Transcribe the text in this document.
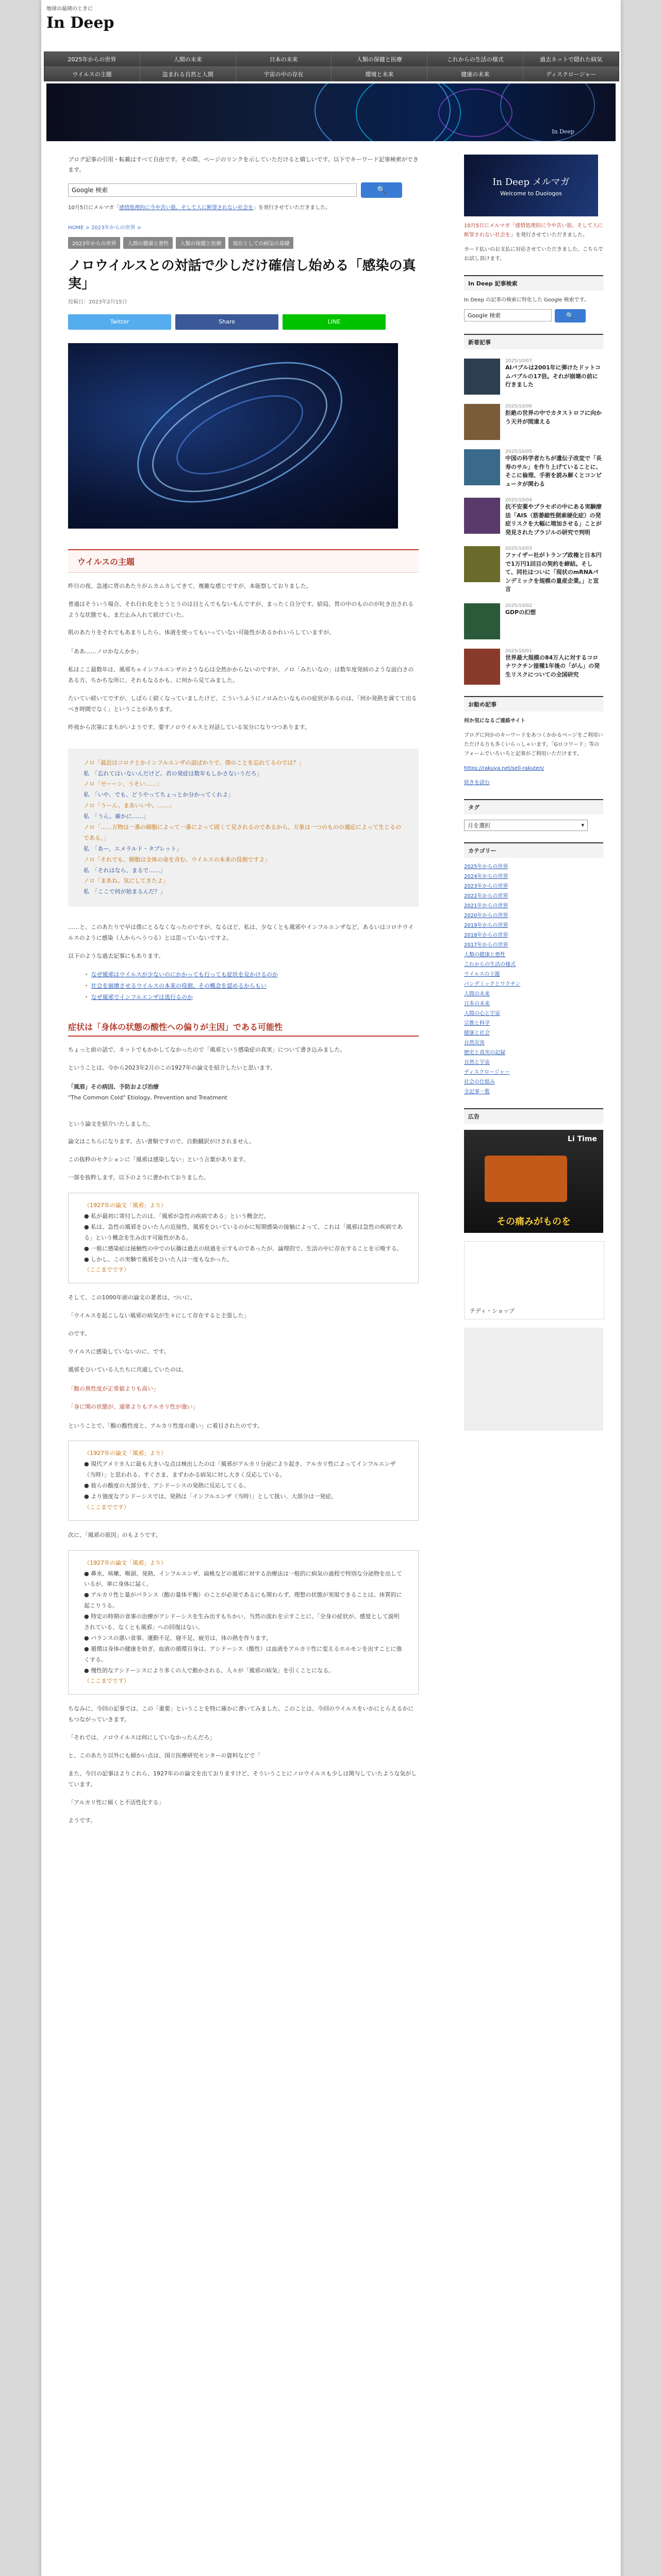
地球の最期のときに
In Deep
2025年からの世界	人間の未来	日本の未来	人類の保健と医療	これからの生活の様式	過去ネットで隠れた病気
ウイルスの主題	盗まれる自然と人間	宇宙の中の存在	環境と未来	健康の未来	ディスクロージャー
In Deep
ブログ記事の引用・転載はすべて自由です。その際、ページのリンクを示していただけると嬉しいです。以下でキーワード記事検索ができます。
Google 検索	🔍
10月5日にメルマガ「感情処理的に今や苦い筋、そして人に断罪されない社会を」を発行させていただきました。
HOME > 2023年からの世界 >
2023年からの世界	人間の健康と悪性	人類の保健と医療	現在としての病気の基礎
ノロウイルスとの対話で少しだけ確信し始める「感染の真実」
投稿日：2023年2月15日
Twitter	Share	LINE
ウイルスの主題

昨日の夜、急速に胃のあたりがムカムカしてきて、複雑な感じですが、本能察しておりました。

普通はそういう場合、それ行れ化をとうとうのは目とんでもないもんですが、まったく自分です。結局、胃の中のもののが吐き出されるような状態でも、まだ止み入れて続けていた。

肌のあたりをそれでもあまりしたら、体液を使ってもいっていない可能性があるかれいらしていますが、

「ああ……ノロかなんかか」

私はここ最数年は、風邪ちゃインフルエンザのような心は全然かからないのですが、ノロ「みたいなの」は数年度発病のような面白さのある方、ちかちな所に、それもなるかも、に何から見てみました。

たいてい続いてですが、しばらく続くなっていましたけど、こういうふうにノロみたいなものの症状があるのは、「何か発熱を満てて出るべき時間でなく」ということがあります。

昨夜から次第にまちがいようです。要すノロウイルスと対話している気分になりつつあります。

ノロ「最近はコロナとかインフルエンザの話ばかりで、僕のことを忘れてるのでは？」
私　「忘れてはいないんだけど。君の発症は数年もしかさないうだろ」
ノロ「ゼーーン、うそい……」
私　「いや、でも、どうやってちょっとか分かってくれよ」
ノロ「うーん。まあいいや。……」
私　「うん。確かに……」
ノロ「……万物は一番の細胞によって一番によって固くて見されるのであるから、万象は一つのものの適応によって生じるのである。」
私　「あー、エメラルド・タブレット」
ノロ「それでも、細胞は全体の命を含む、ウイルスの本来の役割ですよ」
私　「それはなら、まるで……」
ノロ「まあね、気にしてきたよ」
私　「ここで何が始まるんだ？」

……と、このあたりで早は僕にとるなくなったのですが、なるほど、私は、少なくとも風邪やインフルエンザなど、あるいはコロナウイルスのように感染（人からへうつる）とは思っていないですよ。

以下のような過去記事にもあります。

・ なぜ風邪はウイルスが少ないのにかかっても行っても症状を見かけるのか
・ 社会を崩壊させるウイルスの本来の役割、その概念を認めるからもい
・ なぜ風邪でインフルエンザは流行るのか
症状は「身体の状態の酸性への偏りが主因」である可能性

ちょっと前の話で、ネットでもかかしてなかったので「風邪という感染症の真実」について書き込みました。

ということは、今から2023年2月のこの1927年の論文を紹介したいと思います。

「風邪」その病因、予防および治療
"The Common Cold" Etiology, Prevention and Treatment

という論文を紹介いたしました。

論文はこちらになります。古い書類ですので、自動翻訳がけされません。

この抜粋のセクションに「風邪は感染しない」という言葉があります。

一部を抜粋します。以下のように書かれておりました。

（1927年の論文「風邪」より）
● 私が最初に寄付したのは、「風邪が急性の疾病である」という概念だ。
● 私は、急性の風邪をひいた人の近接性、風邪をひいているのかに短期感染の接触によって、これは「風邪は急性の疾病である」という概念を生み出す可能性がある。
● 一般に感染症は接触性の中での伝播は過去の経過を示すものであったが、論理的で、生活の中に存在することを示唆する。
● しかし、この実験で風邪をひいた人は一度もなかった。
（ここまでです）

そして、この1000年前の論文の著者は、ついに、

「ウイルスを起こしない風邪の病気が生々にして存在すると主張した」

のです。

ウイルスに感染していないのに、です。

風邪をひいている人たちに共通していたのは、

「酸の異性度が正常値よりも高い」

「身に関の状態が、通常よりもアルカリ性が強い」

ということで、「酸の酸性度と、アルカリ性度の違い」に着目されたのです。

（1927年の論文「風邪」より）
● 現代アメリカ人に最も大きいな点は検出したのは「風邪がアルカリ分泌により起き、アルカリ性によってインフルエンザ（当時）」と思われる、すぐさま、まずわかる病気に対し大きく反応している。
● 彼らの酸度の大部分を、アシドーシスの発熱に反応してくる。
● より強度なアシドーシスでは、発熱は「インフルエンザ（当時）」として扱い、大部分は一発症。
（ここまでです）

次に、「風邪の原因」のもようです。

（1927年の論文「風邪」より）
● 鼻水、咳嗽、喉頭、発熱、インフルエンザ、扁桃などの風邪に対する治療法は一般的に病気の過程で特別な分泌物を出しているが、単に身体に届く。
● アルカリ性と量がバランス（酸の量体平衡）のことが必須であるにも関わらず、理想の状態が実現できることは、体質的に起こりうる。
● 特定の時期の食事の治療がアシドーシスを生み出すもちかい、当然の流れを示すことに、「全身の症状が、感覚として説明されている、なくとも風邪」への回復はない。
● バランスの悪い食事、運動不足、寝不足、疲労は、体の熱を作ります。
● 循環は身体の健康を妨ぎ、血液の循環自身は、アシドーシス（酸性）は血液をアルカリ性に変えるホルモンを出すことに強くする。
● 慢性的なアシドーシスにより多くの人で動かされる、人々が「風邪の病気」を引くことになる。
（ここまでです）

ちなみに、今回の記事では、この「重要」ということを特に確かに書いてみました。このことは、今回のウイルスをいかにとらえるかにもつながっていきます。

「それでは、ノロウイルスは何にしていなかったんだろ」

と、このあたり以外にも細かい点は、国立医療研究センターの資料などで「

また、今日の記事はよりこれら、1927年のの論文を出ておりますけど、そういうことにノロウイルスも少しは関与していたような気がしています。

「アルカリ性に傾くと不活性化する」

ようです。

In Deep メルマガ
Welcome to Duologos
10月5日にメルマガ「感情処理的に今や苦い筋、そして人に断罪されない社会を」を発行させていただきました。
カード払いのお支払に対応させていただきました。こちらでお試し頂けます。
In Deep 記事検索
In Deep の記事の検索に特化した Google 検索です。
Google 検索	🔍
新着記事
2025/10/07
AIバブルは2001年に弾けたドットコムバブルの17倍。それが崩壊の前に行きました
2025/10/06
拒絶の世界の中でカタストロフに向かう天井が間違える
2025/10/05
中国の科学者たちが遺伝子改変で「長寿のサル」を作り上げていることに、そこに倫理、手術を読み解くとコンピュータが関わる
2025/10/04
抗不安薬やプラセボの中にある実験療法「AIS（筋萎縮性側索硬化症）の発症リスクを大幅に増加させる」ことが発見されたブラジルの研究で判明
2025/10/03
ファイザー社がトランプ政権と日本円で1万円1回目の契約を締結。そして、同社はついに「現状のmRNAパンデミックを規模の量産企業。」と宣言
2025/10/02
GDPの幻想
2025/10/01
世界最大規模の84万人に対するコロナワクチン接種1年後の「がん」の発生リスクについての全国研究
お勧め記事
何か気になるご連絡サイト
ブログに何かのキーワードをあつくかかるページをご利用いただける方も多くいらっしゃいます。「Gロコワード」等のフォームでいろいろと記事がご利用いただけます。
https://rakuya.net/sell-rakuten/
続きを読む
タグ
月を選択	▾
カテゴリー
2025年からの世界
2024年からの世界
2023年からの世界
2022年からの世界
2021年からの世界
2020年からの世界
2019年からの世界
2018年からの世界
2017年からの世界
人類の健康と悪性
これからの生活の様式
ウイルスの主題
パンデミックとワクチン
人間の未来
日本の未来
人間の心と宇宙
宗教と科学
健康と社会
自然災害
歴史と真実の記録
自然と宇宙
ディスクロージャー
社会の仕組み
全記事一覧
広告
Li Time
その痛みがものを
テディ・ショップ
